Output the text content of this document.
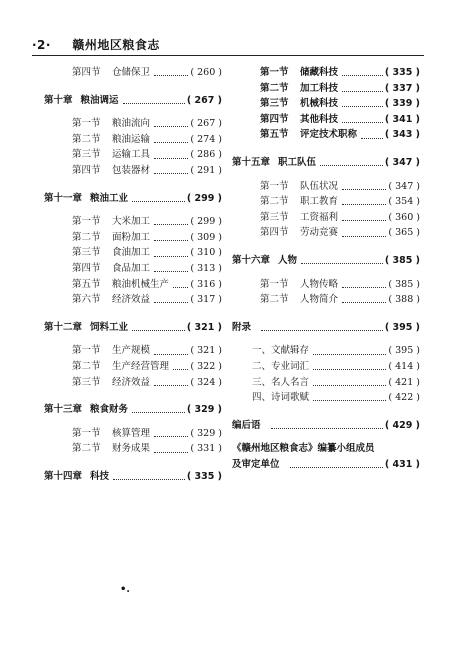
·2· 赣州地区粮食志
第四节	仓储保卫	( 260 )
第十章 粮油调运	( 267 )
第一节	粮油流向	( 267 )
第二节	粮油运输	( 274 )
第三节	运输工具	( 286 )
第四节	包装器材	( 291 )
第十一章 粮油工业	( 299 )
第一节	大米加工	( 299 )
第二节	面粉加工	( 309 )
第三节	食油加工	( 310 )
第四节	食品加工	( 313 )
第五节	粮油机械生产 ( 316 )
第六节	经济效益	( 317 )
第十二章 饲料工业	( 321 )
第一节	生产规模	( 321 )
第二节	生产经营管理 ( 322 )
第三节	经济效益	( 324 )
第十三章 粮食财务	( 329 )
第一节	核算管理	( 329 )
第二节	财务成果	( 331 )
第十四章 科技	( 335 )
第一节	储藏科技	( 335 )
第二节	加工科技	( 337 )
第三节	机械科技	( 339 )
第四节	其他科技	( 341 )
第五节	评定技术职称	( 343 )
第十五章 职工队伍	( 347 )
第一节	队伍状况	( 347 )
第二节	职工教育	( 354 )
第三节	工资福利	( 360 )
第四节	劳动竞赛	( 365 )
第十六章 人物	( 385 )
第一节	人物传略	( 385 )
第二节	人物简介	( 388 )
附录	( 395 )
一、文献辑存	( 395 )
二、专业词汇	( 414 )
三、名人名言	( 421 )
四、诗词歌赋	( 422 )
编后语	( 429 )
《赣州地区粮食志》编纂小组成员
及审定单位	( 431 )
•.
